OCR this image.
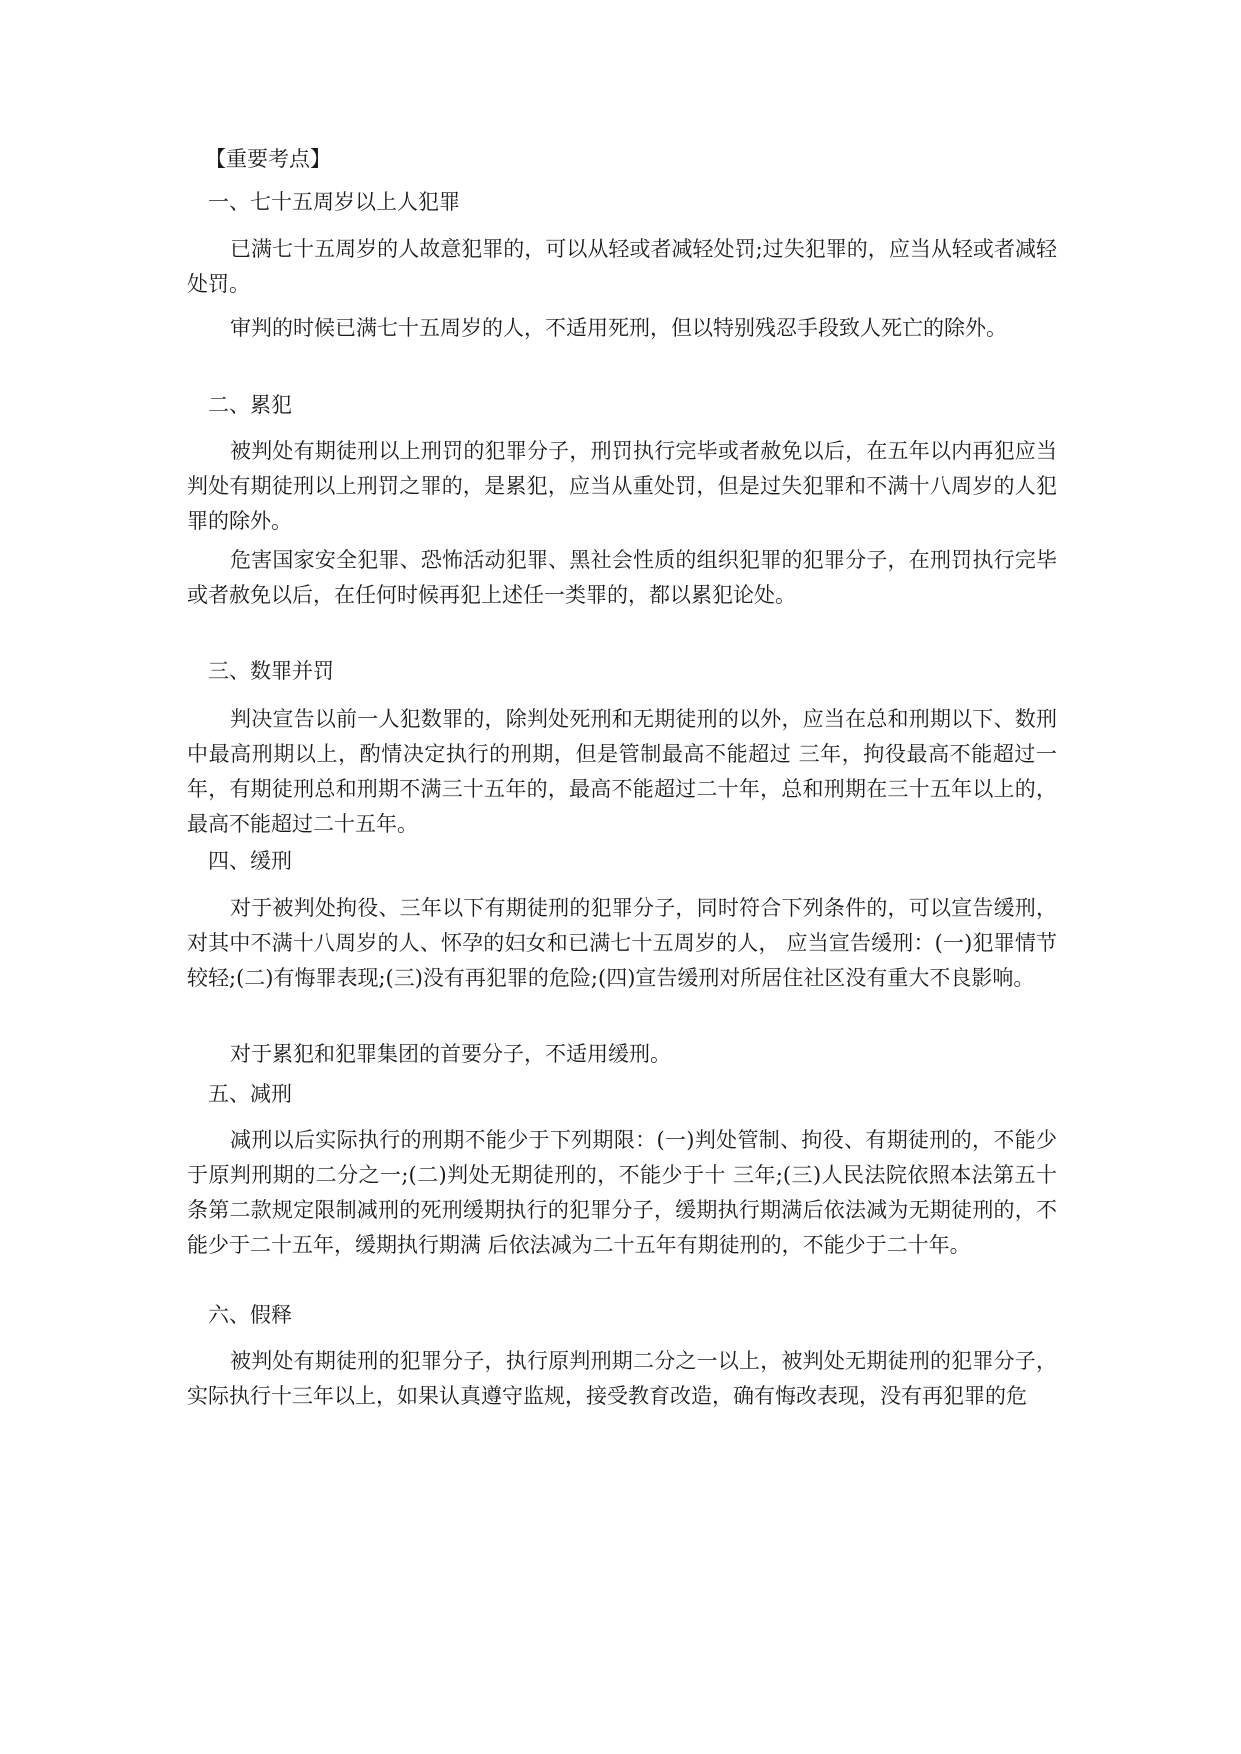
【重要考点】
一、七十五周岁以上人犯罪
已满七十五周岁的人故意犯罪的，可以从轻或者减轻处罚;过失犯罪的，应当从轻或者减轻处罚。
审判的时候已满七十五周岁的人，不适用死刑，但以特别残忍手段致人死亡的除外。
二、累犯
被判处有期徒刑以上刑罚的犯罪分子，刑罚执行完毕或者赦免以后，在五年以内再犯应当判处有期徒刑以上刑罚之罪的，是累犯，应当从重处罚，但是过失犯罪和不满十八周岁的人犯罪的除外。
危害国家安全犯罪、恐怖活动犯罪、黑社会性质的组织犯罪的犯罪分子，在刑罚执行完毕或者赦免以后，在任何时候再犯上述任一类罪的，都以累犯论处。
三、数罪并罚
判决宣告以前一人犯数罪的，除判处死刑和无期徒刑的以外，应当在总和刑期以下、数刑中最高刑期以上，酌情决定执行的刑期，但是管制最高不能超过 三年，拘役最高不能超过一年，有期徒刑总和刑期不满三十五年的，最高不能超过二十年，总和刑期在三十五年以上的，最高不能超过二十五年。
四、缓刑
对于被判处拘役、三年以下有期徒刑的犯罪分子，同时符合下列条件的，可以宣告缓刑，对其中不满十八周岁的人、怀孕的妇女和已满七十五周岁的人， 应当宣告缓刑：(一)犯罪情节较轻;(二)有悔罪表现;(三)没有再犯罪的危险;(四)宣告缓刑对所居住社区没有重大不良影响。
对于累犯和犯罪集团的首要分子，不适用缓刑。
五、减刑
减刑以后实际执行的刑期不能少于下列期限：(一)判处管制、拘役、有期徒刑的，不能少于原判刑期的二分之一;(二)判处无期徒刑的，不能少于十 三年;(三)人民法院依照本法第五十条第二款规定限制减刑的死刑缓期执行的犯罪分子，缓期执行期满后依法减为无期徒刑的，不能少于二十五年，缓期执行期满 后依法减为二十五年有期徒刑的，不能少于二十年。
六、假释
被判处有期徒刑的犯罪分子，执行原判刑期二分之一以上，被判处无期徒刑的犯罪分子，实际执行十三年以上，如果认真遵守监规，接受教育改造，确有悔改表现，没有再犯罪的危
